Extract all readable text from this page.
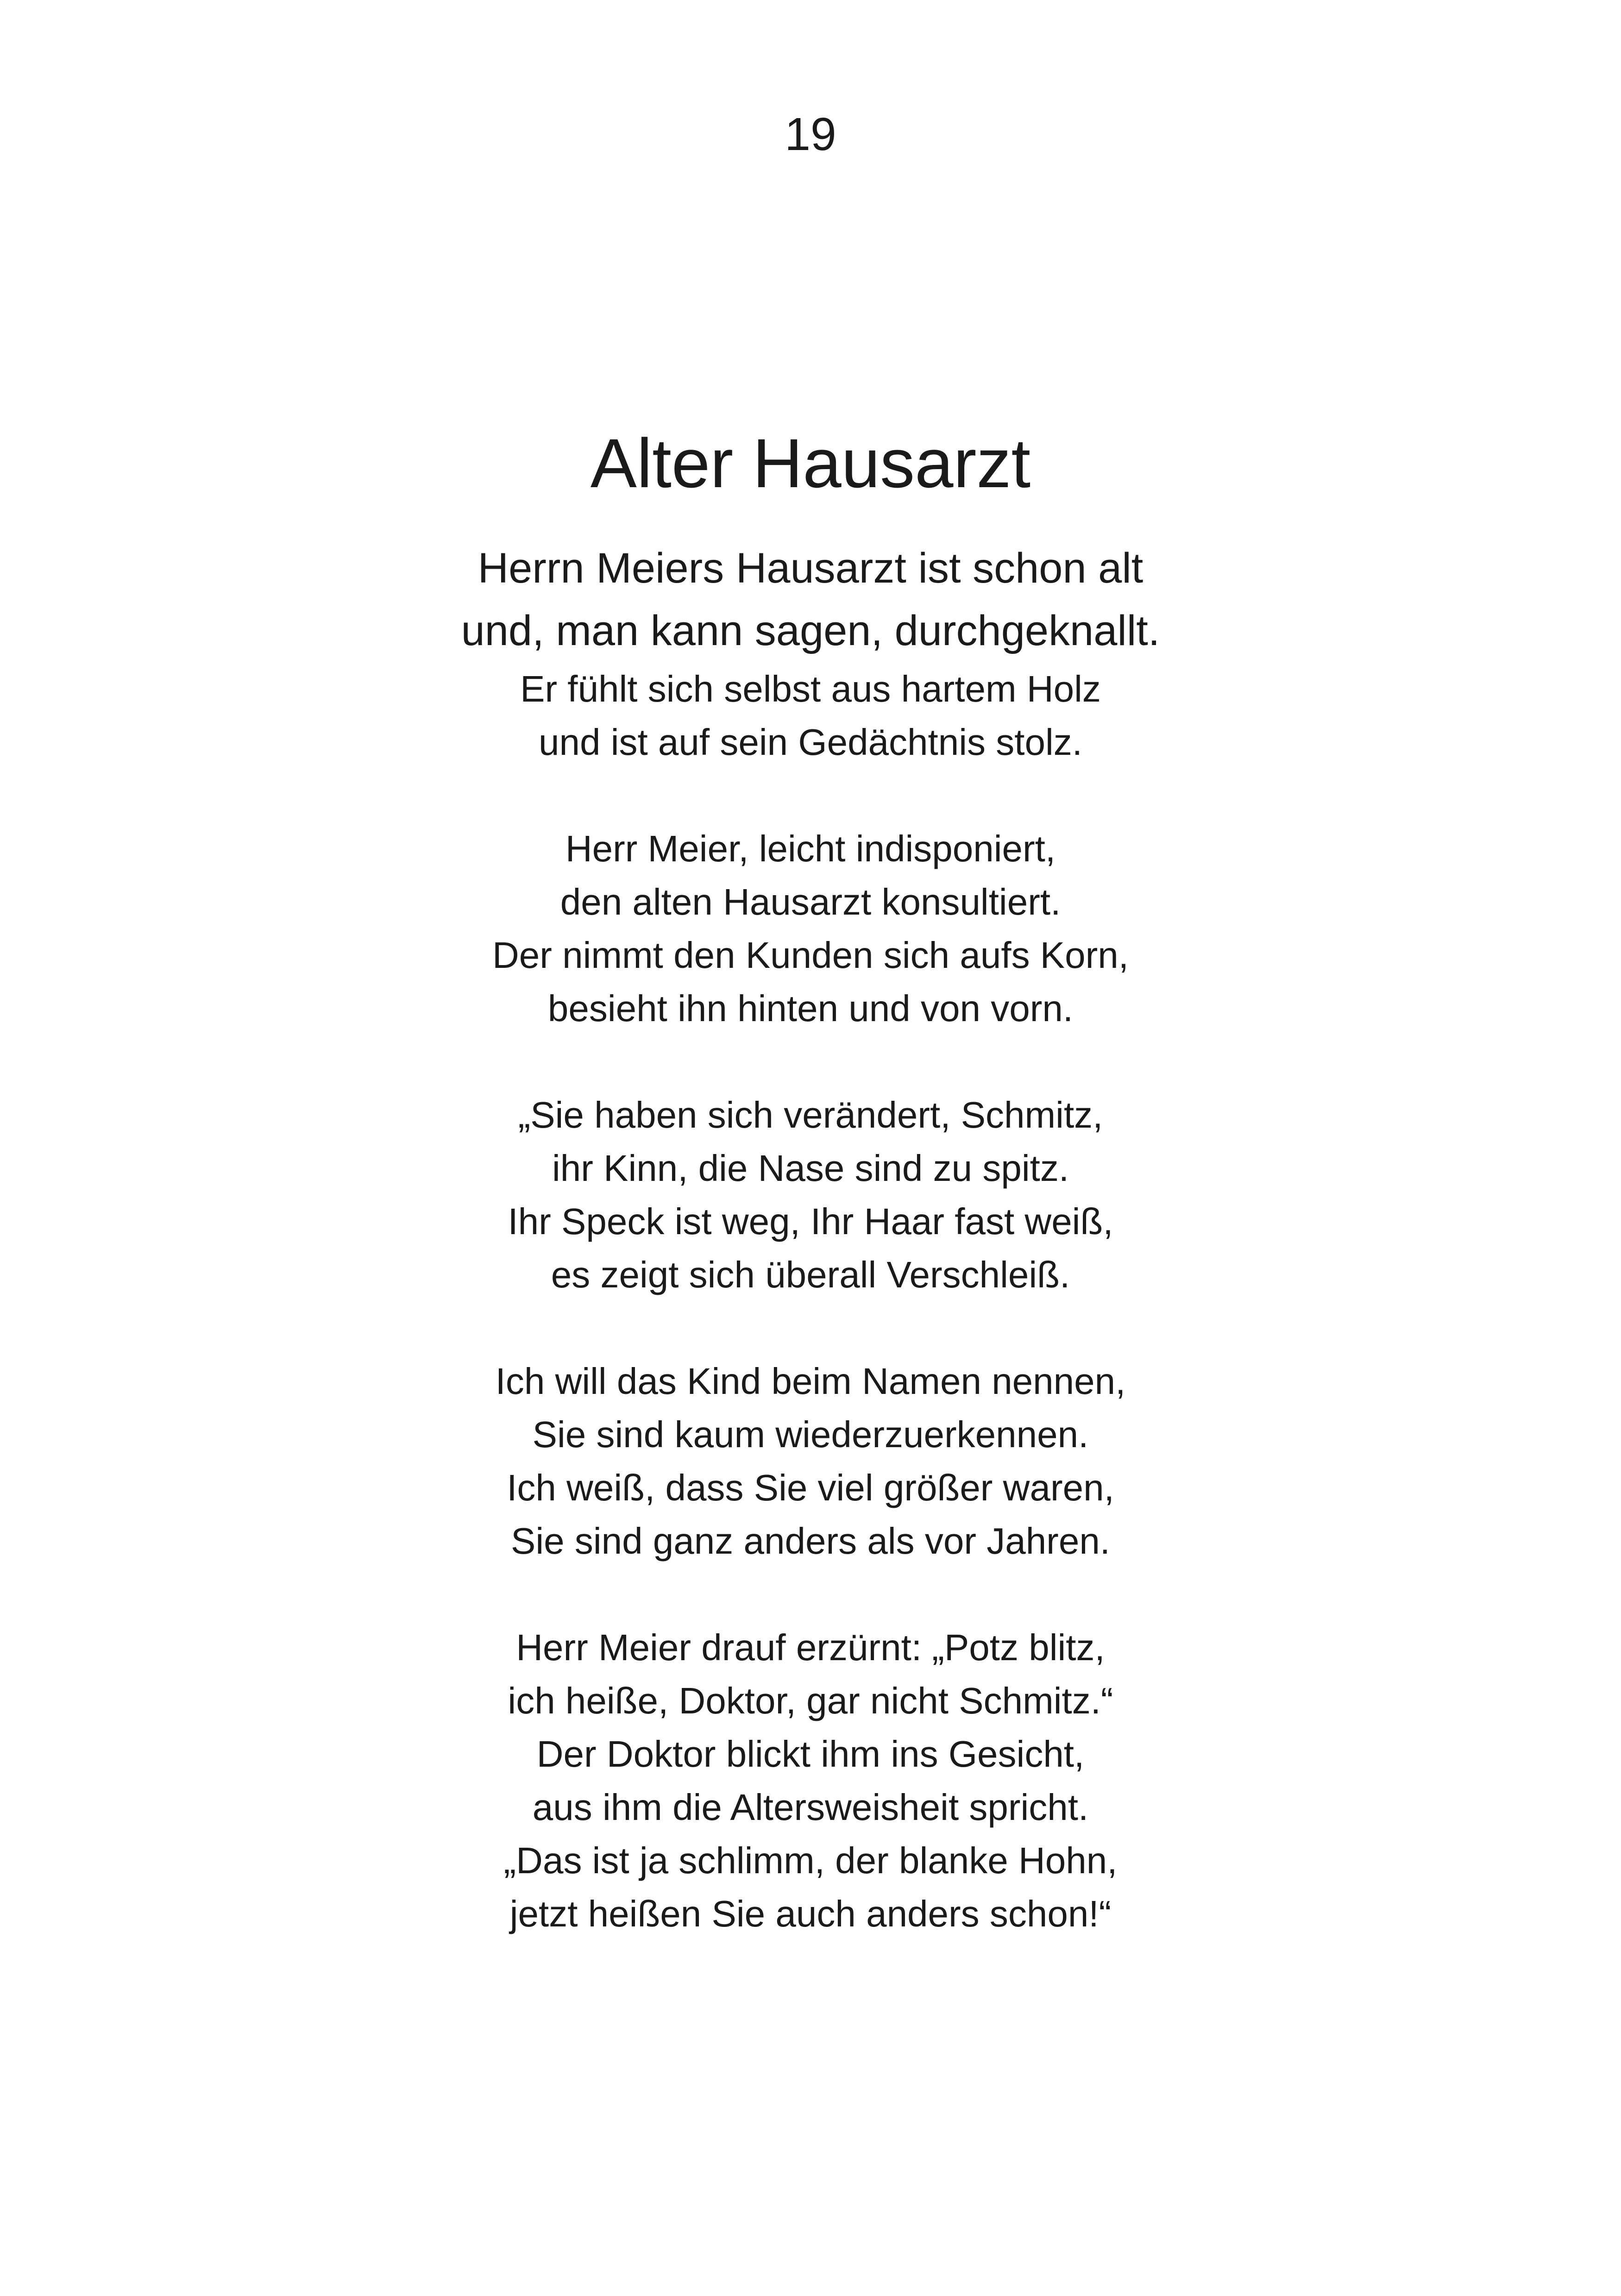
19
Alter Hausarzt
Herrn Meiers Hausarzt ist schon alt
und, man kann sagen, durchgeknallt.
Er fühlt sich selbst aus hartem Holz
und ist auf sein Gedächtnis stolz.
Herr Meier, leicht indisponiert,
den alten Hausarzt konsultiert.
Der nimmt den Kunden sich aufs Korn,
besieht ihn hinten und von vorn.
„Sie haben sich verändert, Schmitz,
ihr Kinn, die Nase sind zu spitz.
Ihr Speck ist weg, Ihr Haar fast weiß,
es zeigt sich überall Verschleiß.
Ich will das Kind beim Namen nennen,
Sie sind kaum wiederzuerkennen.
Ich weiß, dass Sie viel größer waren,
Sie sind ganz anders als vor Jahren.
Herr Meier drauf erzürnt: „Potz blitz,
ich heiße, Doktor, gar nicht Schmitz.“
Der Doktor blickt ihm ins Gesicht,
aus ihm die Altersweisheit spricht.
„Das ist ja schlimm, der blanke Hohn,
jetzt heißen Sie auch anders schon!“
